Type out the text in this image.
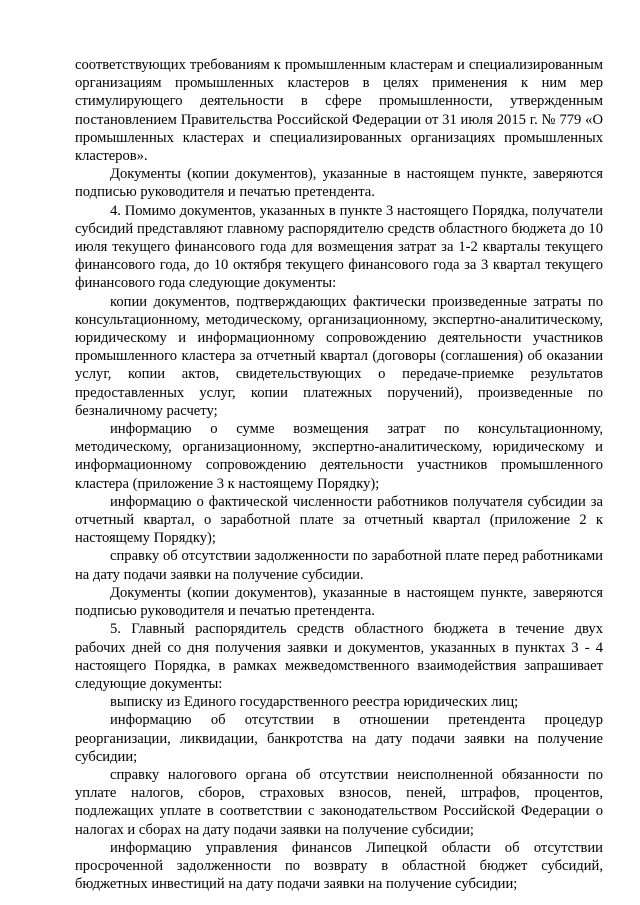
соответствующих требованиям к промышленным кластерам и специализированным организациям промышленных кластеров в целях применения к ним мер стимулирующего деятельности в сфере промышленности, утвержденным постановлением Правительства Российской Федерации от 31 июля 2015 г. № 779 «О промышленных кластерах и специализированных организациях промышленных кластеров».

Документы (копии документов), указанные в настоящем пункте, заверяются подписью руководителя и печатью претендента.

4. Помимо документов, указанных в пункте 3 настоящего Порядка, получатели субсидий представляют главному распорядителю средств областного бюджета до 10 июля текущего финансового года для возмещения затрат за 1-2 кварталы текущего финансового года, до 10 октября текущего финансового года за 3 квартал текущего финансового года следующие документы:

копии документов, подтверждающих фактически произведенные затраты по консультационному, методическому, организационному, экспертно-аналитическому, юридическому и информационному сопровождению деятельности участников промышленного кластера за отчетный квартал (договоры (соглашения) об оказании услуг, копии актов, свидетельствующих о передаче-приемке результатов предоставленных услуг, копии платежных поручений), произведенные по безналичному расчету;

информацию о сумме возмещения затрат по консультационному, методическому, организационному, экспертно-аналитическому, юридическому и информационному сопровождению деятельности участников промышленного кластера (приложение 3 к настоящему Порядку);

информацию о фактической численности работников получателя субсидии за отчетный квартал, о заработной плате за отчетный квартал (приложение 2 к настоящему Порядку);

справку об отсутствии задолженности по заработной плате перед работниками на дату подачи заявки на получение субсидии.

Документы (копии документов), указанные в настоящем пункте, заверяются подписью руководителя и печатью претендента.

5. Главный распорядитель средств областного бюджета в течение двух рабочих дней со дня получения заявки и документов, указанных в пунктах 3 - 4 настоящего Порядка, в рамках межведомственного взаимодействия запрашивает следующие документы:

выписку из Единого государственного реестра юридических лиц;

информацию об отсутствии в отношении претендента процедур реорганизации, ликвидации, банкротства на дату подачи заявки на получение субсидии;

справку налогового органа об отсутствии неисполненной обязанности по уплате налогов, сборов, страховых взносов, пеней, штрафов, процентов, подлежащих уплате в соответствии с законодательством Российской Федерации о налогах и сборах на дату подачи заявки на получение субсидии;

информацию управления финансов Липецкой области об отсутствии просроченной задолженности по возврату в областной бюджет субсидий, бюджетных инвестиций на дату подачи заявки на получение субсидии;
